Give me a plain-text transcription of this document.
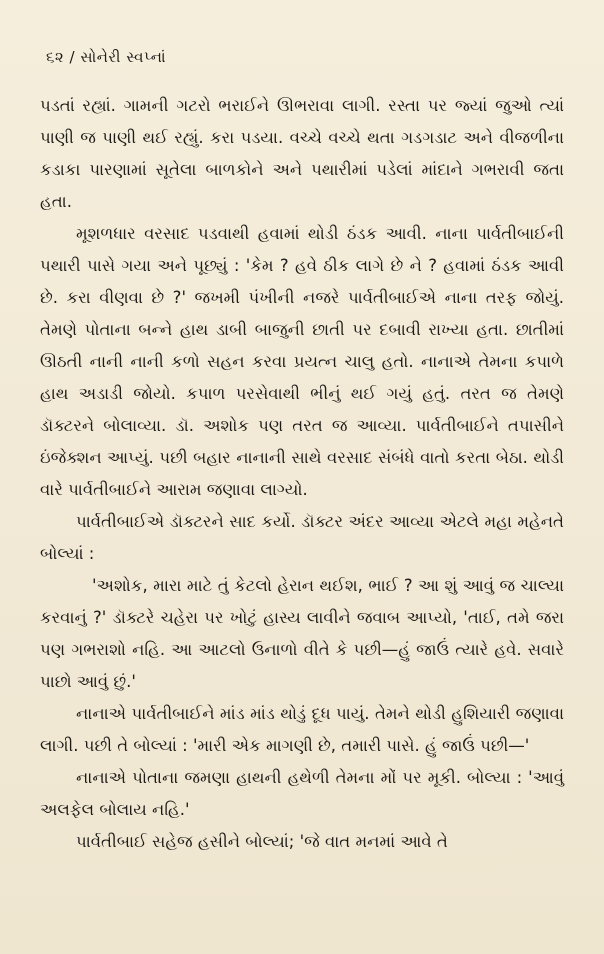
૬૨ / સોનેરી સ્વપ્નાં

પડતાં રહ્યાં. ગામની ગટરો ભરાઈને ઊભરાવા લાગી. રસ્તા પર જ્યાં જુઓ ત્યાં પાણી જ પાણી થઈ રહ્યું. કરા પડયા. વચ્ચે વચ્ચે થતા ગડગડાટ અને વીજળીના કડાકા પારણામાં સૂતેલા બાળકોને અને પથારીમાં પડેલાં માંદાને ગભરાવી જતા હતા.

મૂશળધાર વરસાદ પડવાથી હવામાં થોડી ઠંડક આવી. નાના પાર્વતીબાઈની પથારી પાસે ગયા અને પૂછ્યું : 'કેમ ? હવે ઠીક લાગે છે ને ? હવામાં ઠંડક આવી છે. કરા વીણવા છે ?' જખમી પંખીની નજરે પાર્વતીબાઈએ નાના તરફ જોયું. તેમણે પોતાના બન્ને હાથ ડાબી બાજુની છાતી પર દબાવી રાખ્યા હતા. છાતીમાં ઊઠતી નાની નાની કળો સહન કરવા પ્રયત્ન ચાલુ હતો. નાનાએ તેમના કપાળે હાથ અડાડી જોયો. કપાળ પરસેવાથી ભીનું થઈ ગયું હતું. તરત જ તેમણે ડૉક્ટરને બોલાવ્યા. ડૉ. અશોક પણ તરત જ આવ્યા. પાર્વતીબાઈને તપાસીને ઇંજેક્શન આપ્યું. પછી બહાર નાનાની સાથે વરસાદ સંબંધે વાતો કરતા બેઠા. થોડી વારે પાર્વતીબાઈને આરામ જણાવા લાગ્યો.

પાર્વતીબાઈએ ડૉક્ટરને સાદ કર્યો. ડૉક્ટર અંદર આવ્યા એટલે મહા મહેનતે બોલ્યાં :

'અશોક, મારા માટે તું કેટલો હેરાન થઈશ, ભાઈ ? આ શું આવું જ ચાલ્યા કરવાનું ?' ડૉક્ટરે ચહેરા પર ખોટું હાસ્ય લાવીને જવાબ આપ્યો, 'તાઈ, તમે જરા પણ ગભરાશો નહિ. આ આટલો ઉનાળો વીતે કે પછી—હું જાઉં ત્યારે હવે. સવારે પાછો આવું છું.'

નાનાએ પાર્વતીબાઈને માંડ માંડ થોડું દૂધ પાયું. તેમને થોડી હુશિયારી જણાવા લાગી. પછી તે બોલ્યાં : 'મારી એક માગણી છે, તમારી પાસે. હું જાઉં પછી—'

નાનાએ પોતાના જમણા હાથની હથેળી તેમના મોં પર મૂકી. બોલ્યા : 'આવું અલફેલ બોલાય નહિ.'

પાર્વતીબાઈ સહેજ હસીને બોલ્યાં; 'જે વાત મનમાં આવે તે
